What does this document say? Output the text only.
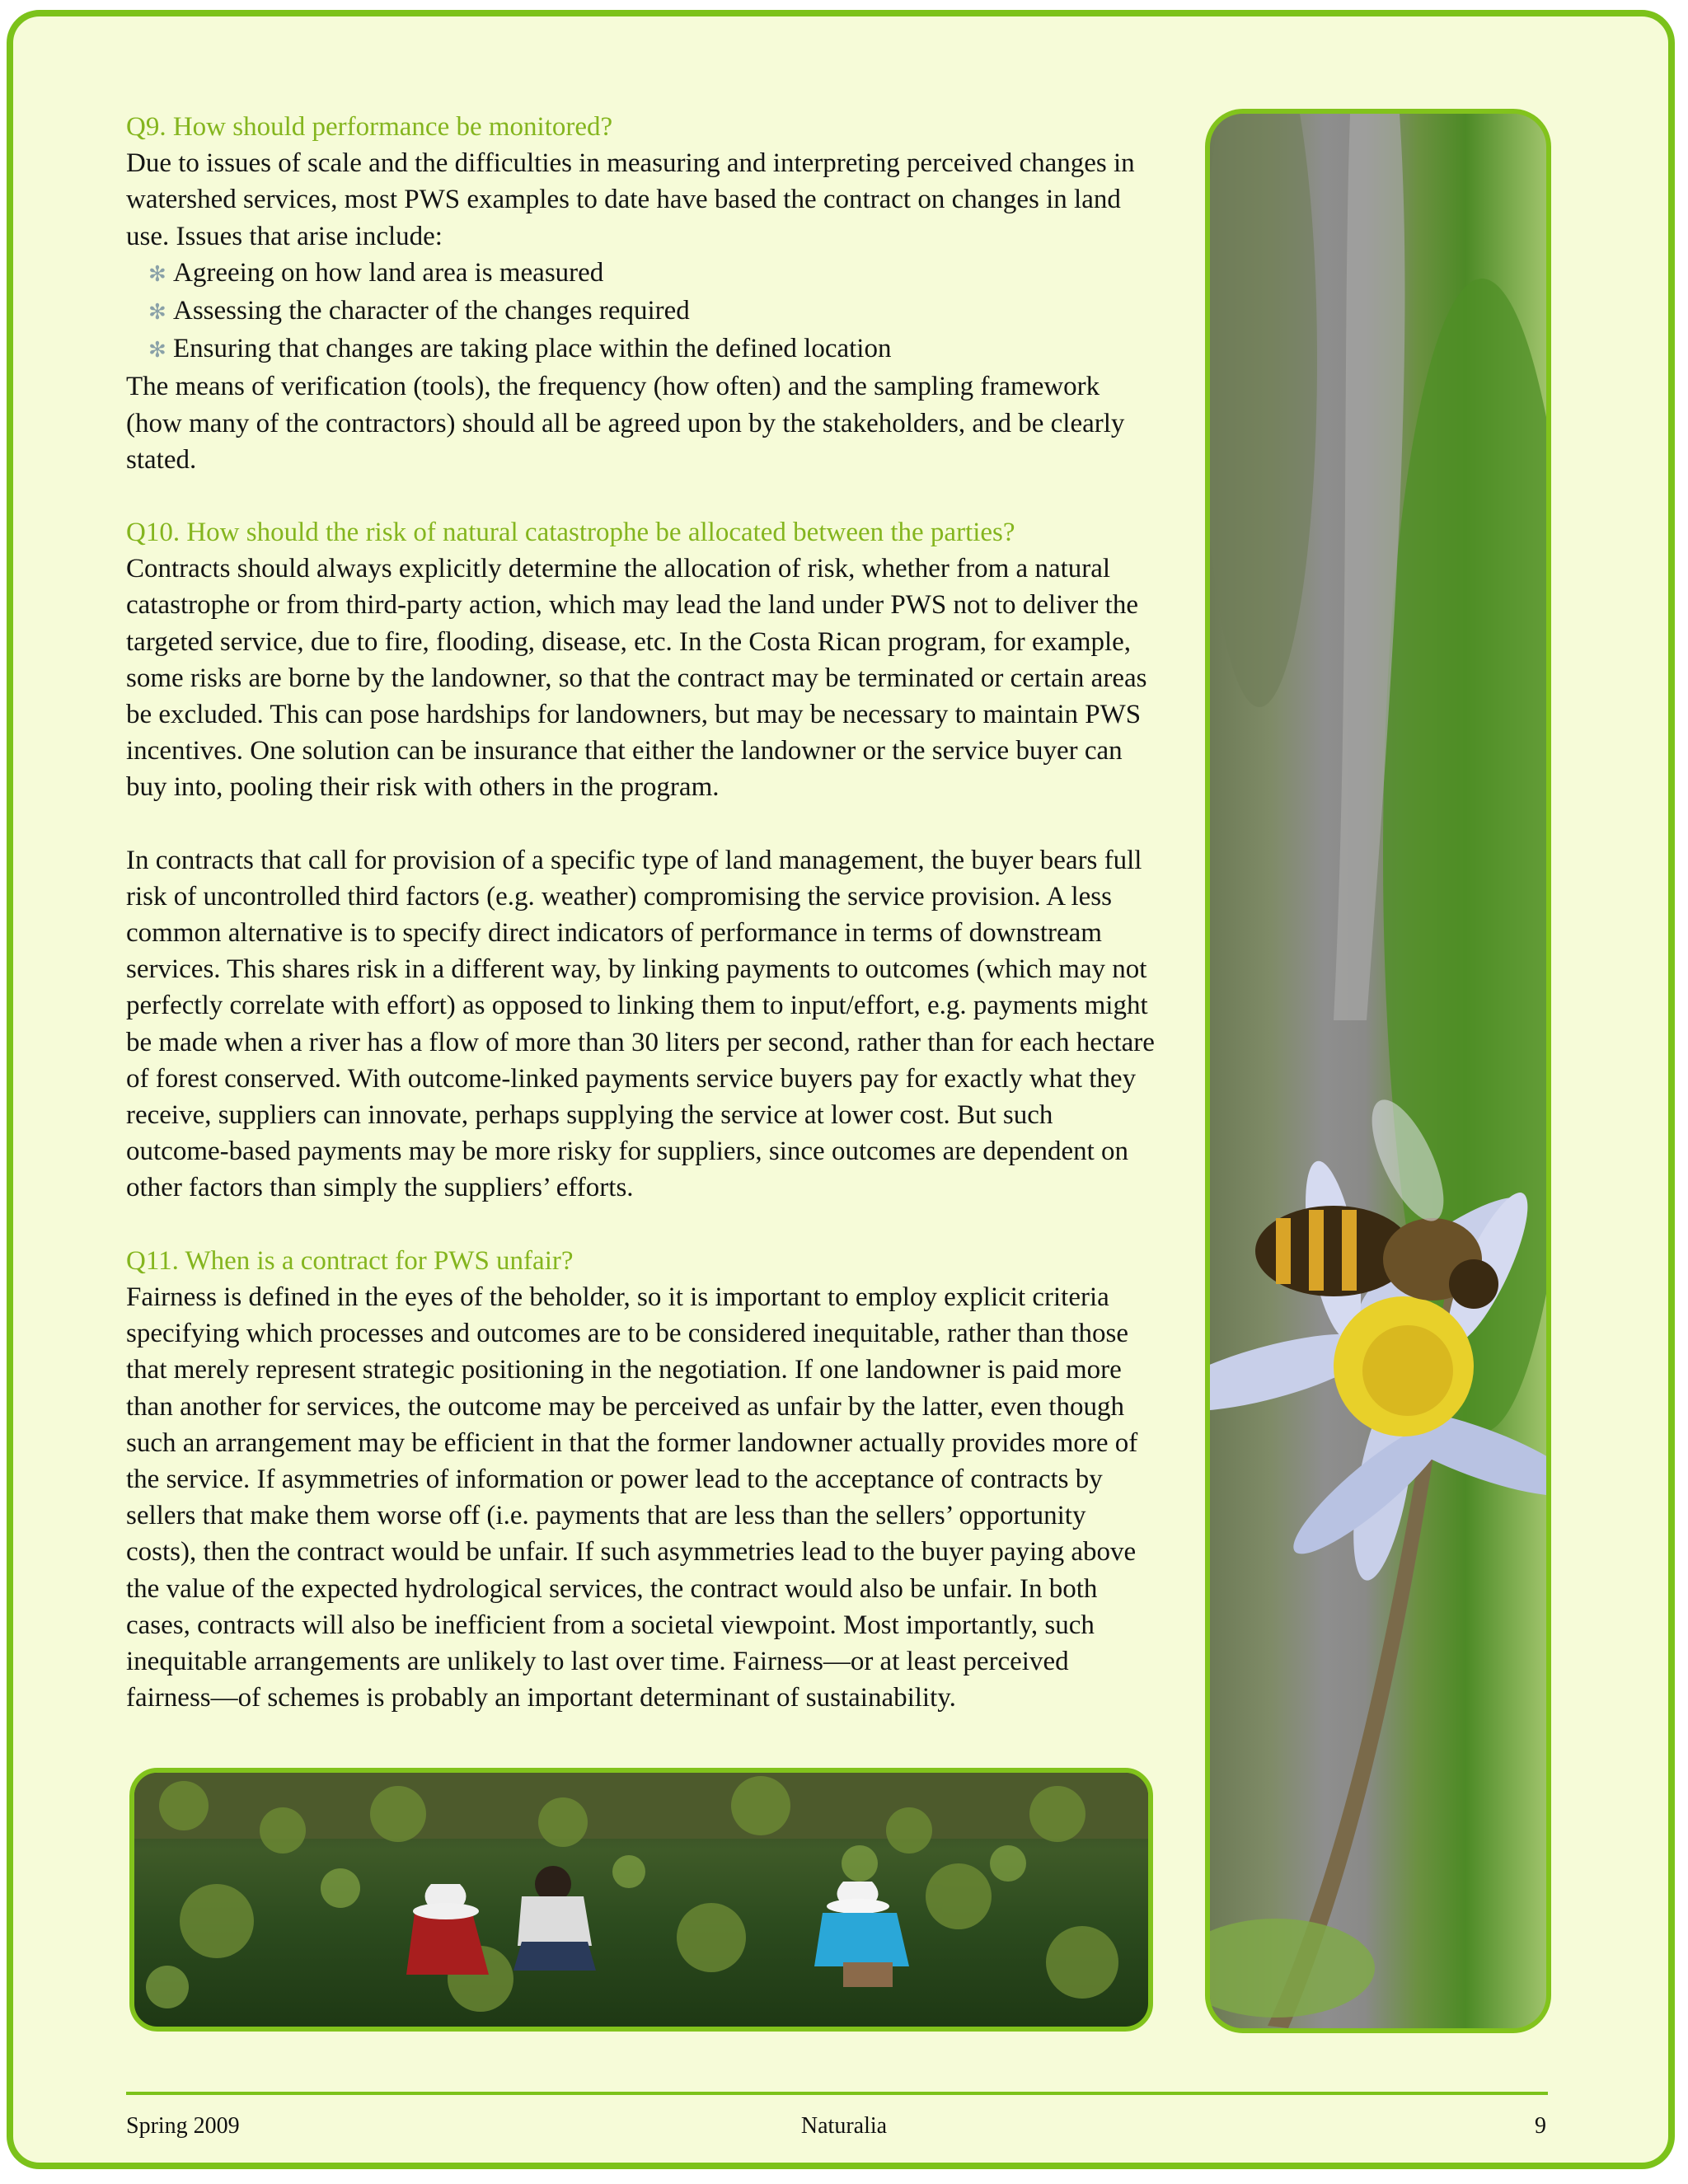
Q9. How should performance be monitored?

Due to issues of scale and the difficulties in measuring and interpreting perceived changes in watershed services, most PWS examples to date have based the contract on changes in land use. Issues that arise include:

✻ Agreeing on how land area is measured
✻ Assessing the character of the changes required
✻ Ensuring that changes are taking place within the defined location

The means of verification (tools), the frequency (how often) and the sampling framework (how many of the contractors) should all be agreed upon by the stakeholders, and be clearly stated.

Q10. How should the risk of natural catastrophe be allocated between the parties?

Contracts should always explicitly determine the allocation of risk, whether from a natural catastrophe or from third-party action, which may lead the land under PWS not to deliver the targeted service, due to fire, flooding, disease, etc. In the Costa Rican program, for example, some risks are borne by the landowner, so that the contract may be terminated or certain areas be excluded. This can pose hardships for landowners, but may be necessary to maintain PWS incentives. One solution can be insurance that either the landowner or the service buyer can buy into, pooling their risk with others in the program.

In contracts that call for provision of a specific type of land management, the buyer bears full risk of uncontrolled third factors (e.g. weather) compromising the service provision. A less common alternative is to specify direct indicators of performance in terms of downstream services. This shares risk in a different way, by linking payments to outcomes (which may not perfectly correlate with effort) as opposed to linking them to input/effort, e.g. payments might be made when a river has a flow of more than 30 liters per second, rather than for each hectare of forest conserved. With outcome-linked payments service buyers pay for exactly what they receive, suppliers can innovate, perhaps supplying the service at lower cost. But such outcome-based payments may be more risky for suppliers, since outcomes are dependent on other factors than simply the suppliers’ efforts.

Q11. When is a contract for PWS unfair?

Fairness is defined in the eyes of the beholder, so it is important to employ explicit criteria specifying which processes and outcomes are to be considered inequitable, rather than those that merely represent strategic positioning in the negotiation. If one landowner is paid more than another for services, the outcome may be perceived as unfair by the latter, even though such an arrangement may be efficient in that the former landowner actually provides more of the service. If asymmetries of information or power lead to the acceptance of contracts by sellers that make them worse off (i.e. payments that are less than the sellers’ opportunity costs), then the contract would be unfair. If such asymmetries lead to the buyer paying above the value of the expected hydrological services, the contract would also be unfair. In both cases, contracts will also be inefficient from a societal viewpoint. Most importantly, such inequitable arrangements are unlikely to last over time. Fairness—or at least perceived fairness—of schemes is probably an important determinant of sustainability.

Spring 2009	Naturalia	9
